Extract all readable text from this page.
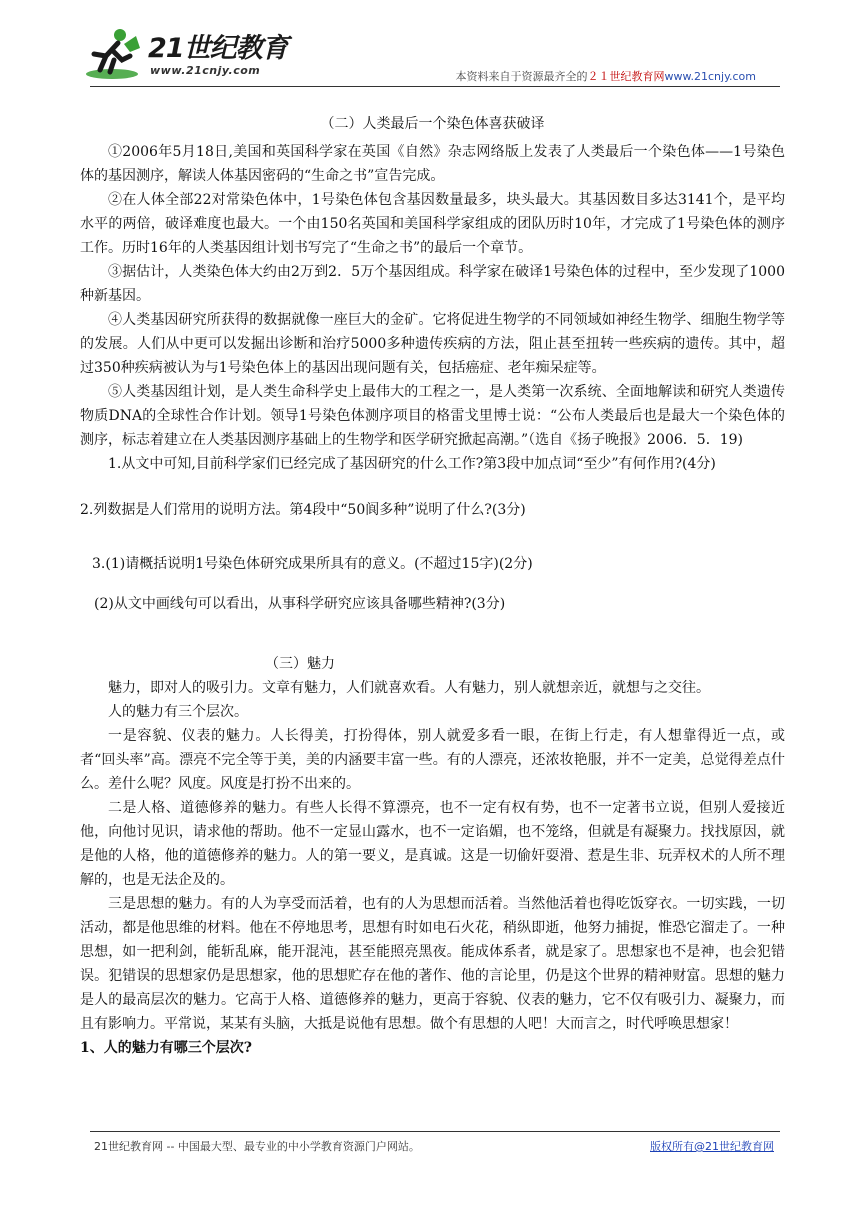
21世纪教育
www.21cnjy.com	本资料来自于资源最齐全的２１世纪教育网www.21cnjy.com
（二）人类最后一个染色体喜获破译

①2006年5月18日,美国和英国科学家在英国《自然》杂志网络版上发表了人类最后一个染色体——1号染色体的基因测序，解读人体基因密码的“生命之书”宣告完成。

②在人体全部22对常染色体中，1号染色体包含基因数量最多，块头最大。其基因数目多达3141个，是平均水平的两倍，破译难度也最大。一个由150名英国和美国科学家组成的团队历时10年，才完成了1号染色体的测序工作。历时16年的人类基因组计划书写完了“生命之书”的最后一个章节。

③据估计，人类染色体大约由2万到2．5万个基因组成。科学家在破译1号染色体的过程中，至少发现了1000种新基因。

④人类基因研究所获得的数据就像一座巨大的金矿。它将促进生物学的不同领域如神经生物学、细胞生物学等的发展。人们从中更可以发掘出诊断和治疗5000多种遗传疾病的方法，阻止甚至扭转一些疾病的遗传。其中，超过350种疾病被认为与1号染色体上的基因出现问题有关，包括癌症、老年痴呆症等。

⑤人类基因组计划，是人类生命科学史上最伟大的工程之一，是人类第一次系统、全面地解读和研究人类遗传物质DNA的全球性合作计划。领导1号染色体测序项目的格雷戈里博士说：“公布人类最后也是最大一个染色体的测序，标志着建立在人类基因测序基础上的生物学和医学研究掀起高潮。”（选自《扬子晚报》2006．5．19)

1.从文中可知,目前科学家们已经完成了基因研究的什么工作?第3段中加点词“至少”有何作用?(4分)

2.列数据是人们常用的说明方法。第4段中“50阆多种”说明了什么?(3分)

3.(1)请概括说明1号染色体研究成果所具有的意义。(不超过15字)(2分)

(2)从文中画线句可以看出，从事科学研究应该具备哪些精神?(3分)

（三）魅力

魅力，即对人的吸引力。文章有魅力，人们就喜欢看。人有魅力，别人就想亲近，就想与之交往。

人的魅力有三个层次。

一是容貌、仪表的魅力。人长得美，打扮得体，别人就爱多看一眼，在街上行走，有人想靠得近一点，或者“回头率”高。漂亮不完全等于美，美的内涵要丰富一些。有的人漂亮，还浓妆艳服，并不一定美，总觉得差点什么。差什么呢？风度。风度是打扮不出来的。

二是人格、道德修养的魅力。有些人长得不算漂亮，也不一定有权有势，也不一定著书立说，但别人爱接近他，向他讨见识，请求他的帮助。他不一定显山露水，也不一定谄媚，也不笼络，但就是有凝聚力。找找原因，就是他的人格，他的道德修养的魅力。人的第一要义，是真诚。这是一切偷奸耍滑、惹是生非、玩弄权术的人所不理解的，也是无法企及的。

三是思想的魅力。有的人为享受而活着，也有的人为思想而活着。当然他活着也得吃饭穿衣。一切实践，一切活动，都是他思维的材料。他在不停地思考，思想有时如电石火花，稍纵即逝，他努力捕捉，惟恐它溜走了。一种思想，如一把利剑，能斩乱麻，能开混沌，甚至能照亮黑夜。能成体系者，就是家了。思想家也不是神，也会犯错误。犯错误的思想家仍是思想家，他的思想贮存在他的著作、他的言论里，仍是这个世界的精神财富。思想的魅力是人的最高层次的魅力。它高于人格、道德修养的魅力，更高于容貌、仪表的魅力，它不仅有吸引力、凝聚力，而且有影响力。平常说，某某有头脑，大抵是说他有思想。做个有思想的人吧！大而言之，时代呼唤思想家！

1、人的魅力有哪三个层次?

21世纪教育网 -- 中国最大型、最专业的中小学教育资源门户网站。	版权所有@21世纪教育网
